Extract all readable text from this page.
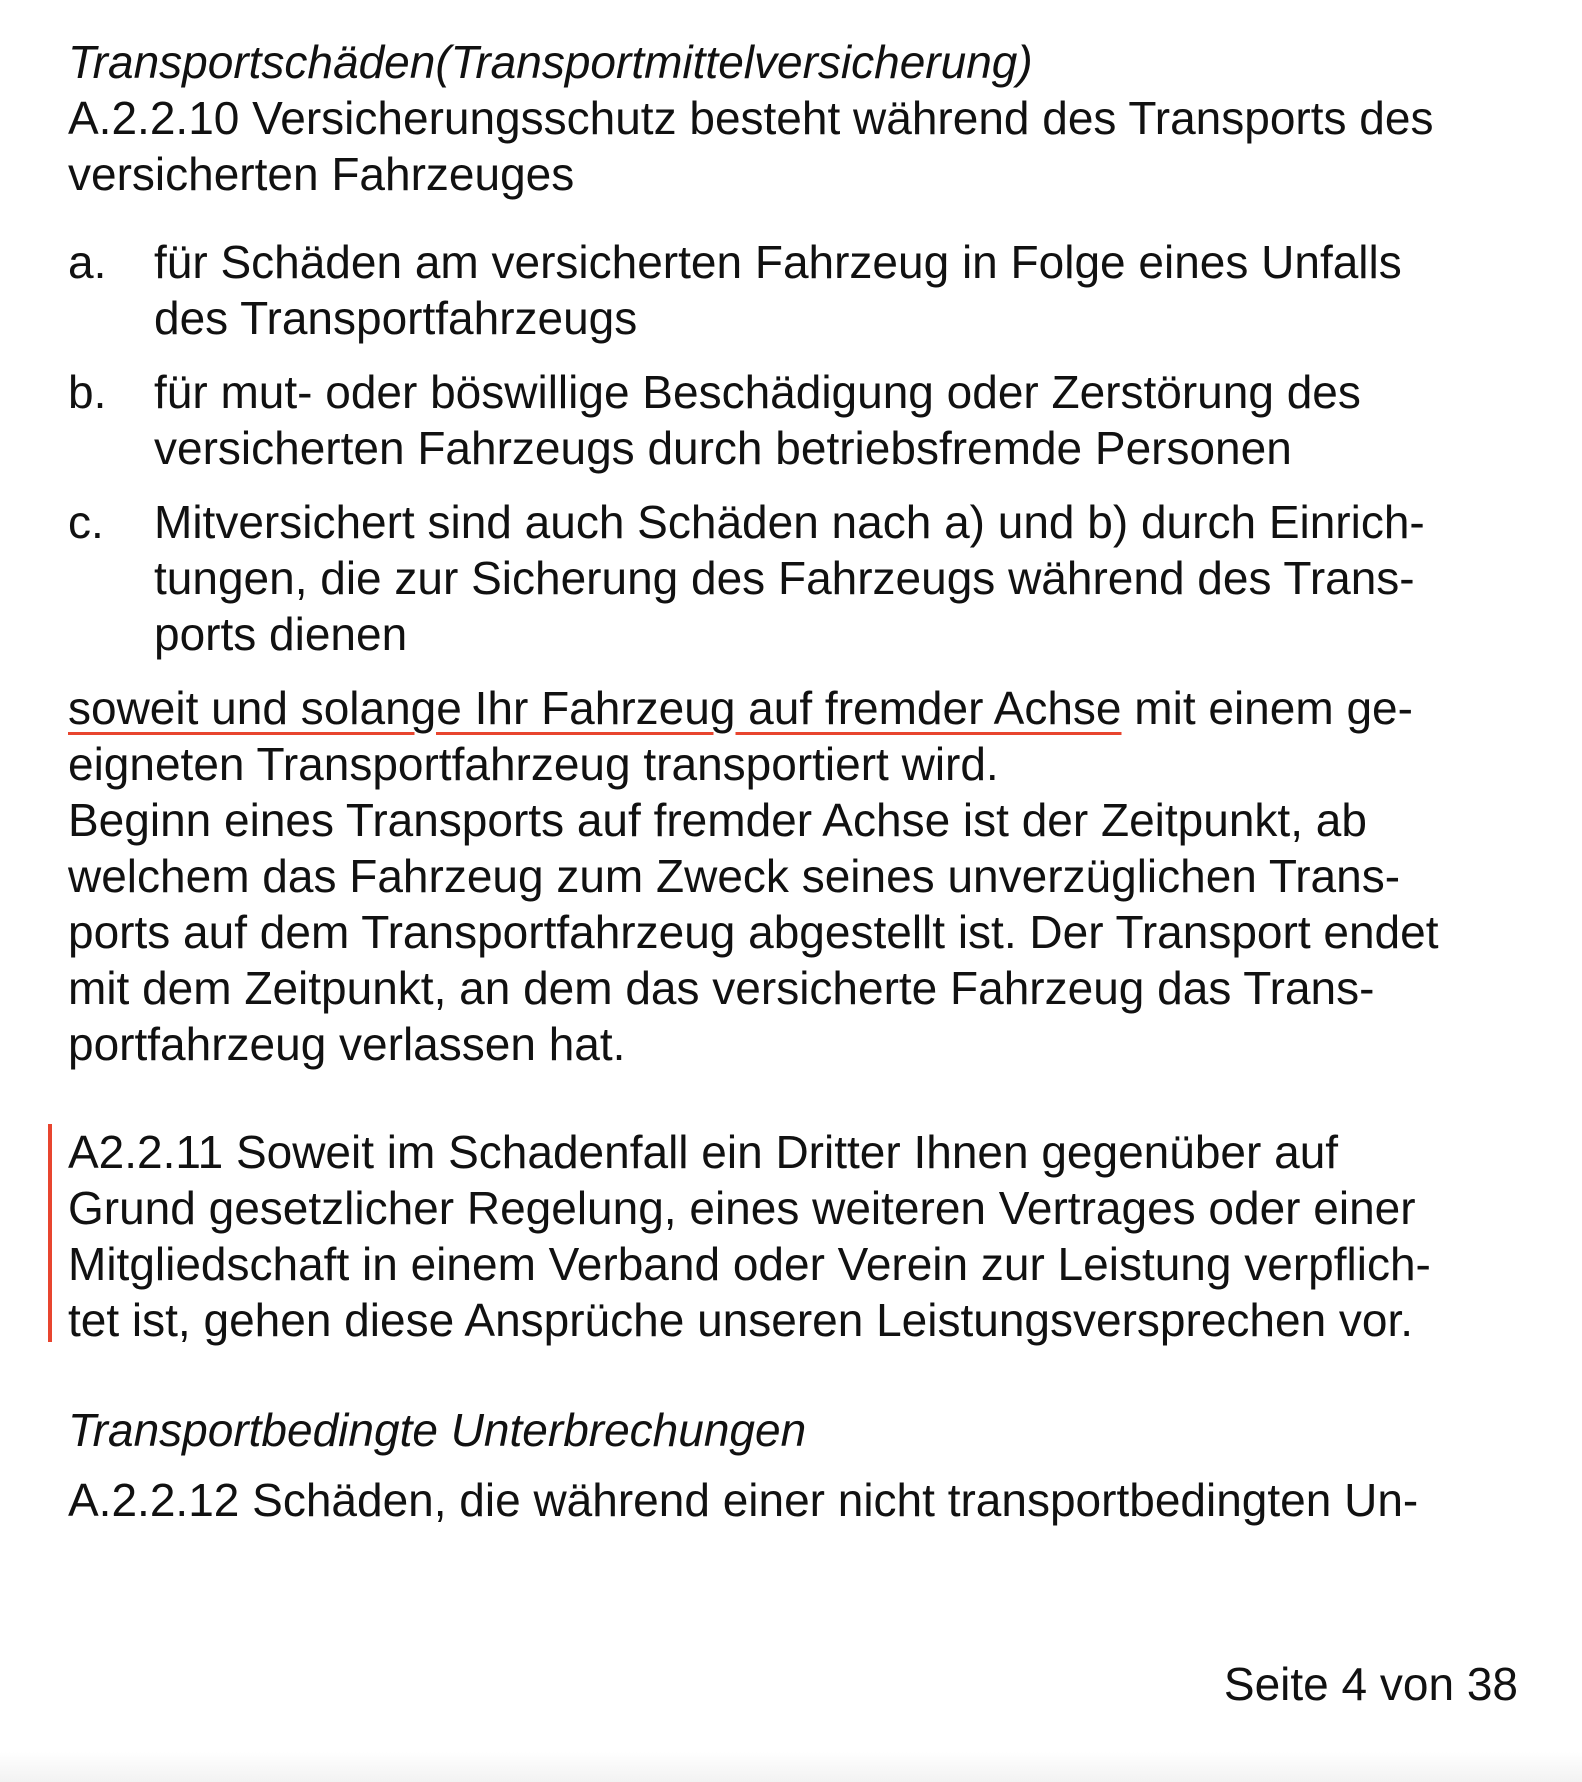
Transportschäden(Transportmittelversicherung)
A.2.2.10 Versicherungsschutz besteht während des Transports des
versicherten Fahrzeuges
a. für Schäden am versicherten Fahrzeug in Folge eines Unfalls
des Transportfahrzeugs
b. für mut- oder böswillige Beschädigung oder Zerstörung des
versicherten Fahrzeugs durch betriebsfremde Personen
c. Mitversichert sind auch Schäden nach a) und b) durch Einrich-
tungen, die zur Sicherung des Fahrzeugs während des Trans-
ports dienen
soweit und solange Ihr Fahrzeug auf fremder Achse mit einem ge-
eigneten Transportfahrzeug transportiert wird.
Beginn eines Transports auf fremder Achse ist der Zeitpunkt, ab
welchem das Fahrzeug zum Zweck seines unverzüglichen Trans-
ports auf dem Transportfahrzeug abgestellt ist. Der Transport endet
mit dem Zeitpunkt, an dem das versicherte Fahrzeug das Trans-
portfahrzeug verlassen hat.
A2.2.11 Soweit im Schadenfall ein Dritter Ihnen gegenüber auf
Grund gesetzlicher Regelung, eines weiteren Vertrages oder einer
Mitgliedschaft in einem Verband oder Verein zur Leistung verpflich-
tet ist, gehen diese Ansprüche unseren Leistungsversprechen vor.
Transportbedingte Unterbrechungen
A.2.2.12 Schäden, die während einer nicht transportbedingten Un-
Seite 4 von 38
